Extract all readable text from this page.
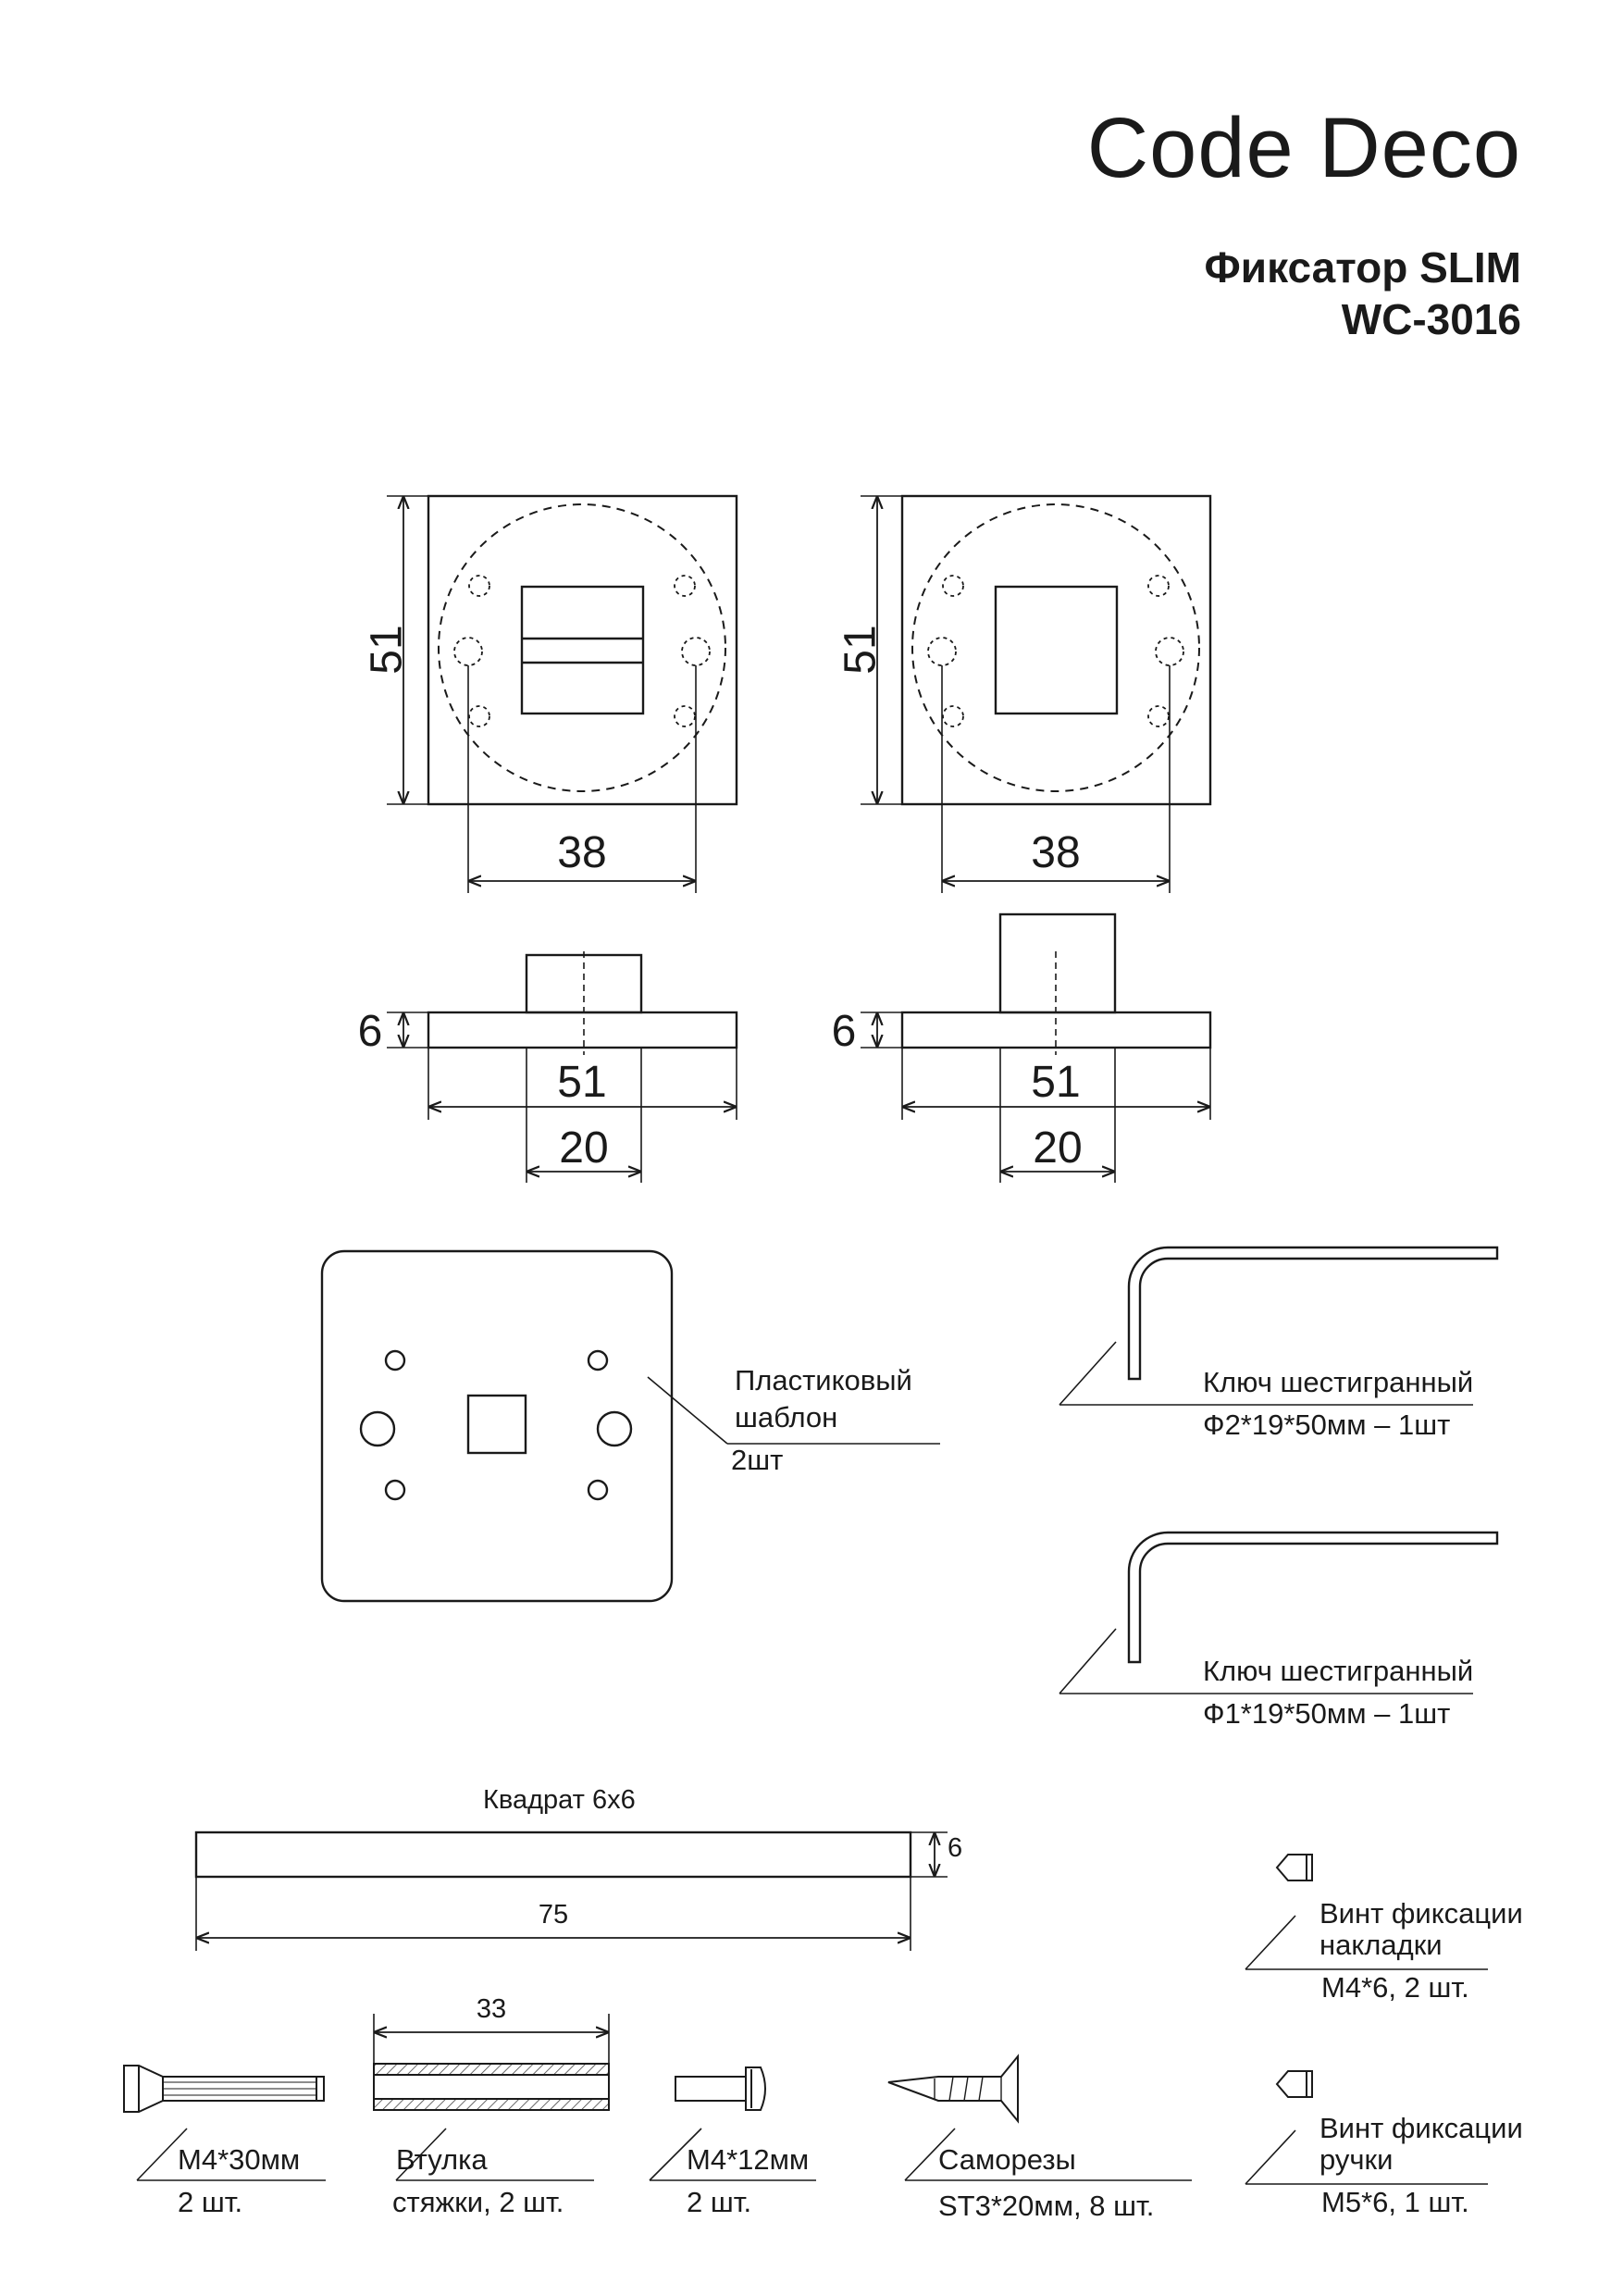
Code Deco
Фиксатор SLIM
WC-3016
51	51
38	38
6	6
51	51
20	20
Пластиковый
шаблон
2шт
Ключ шестигранный
Ф2*19*50мм – 1шт
Ключ шестигранный
Ф1*19*50мм – 1шт
Квадрат 6х6
6
75	Винт фиксации
накладки
М4*6, 2 шт.
Винт фиксации
ручки
М5*6, 1 шт.
М4*30мм
2 шт.
33
Втулка
стяжки, 2 шт.
М4*12мм
2 шт.
Саморезы
ST3*20мм, 8 шт.
